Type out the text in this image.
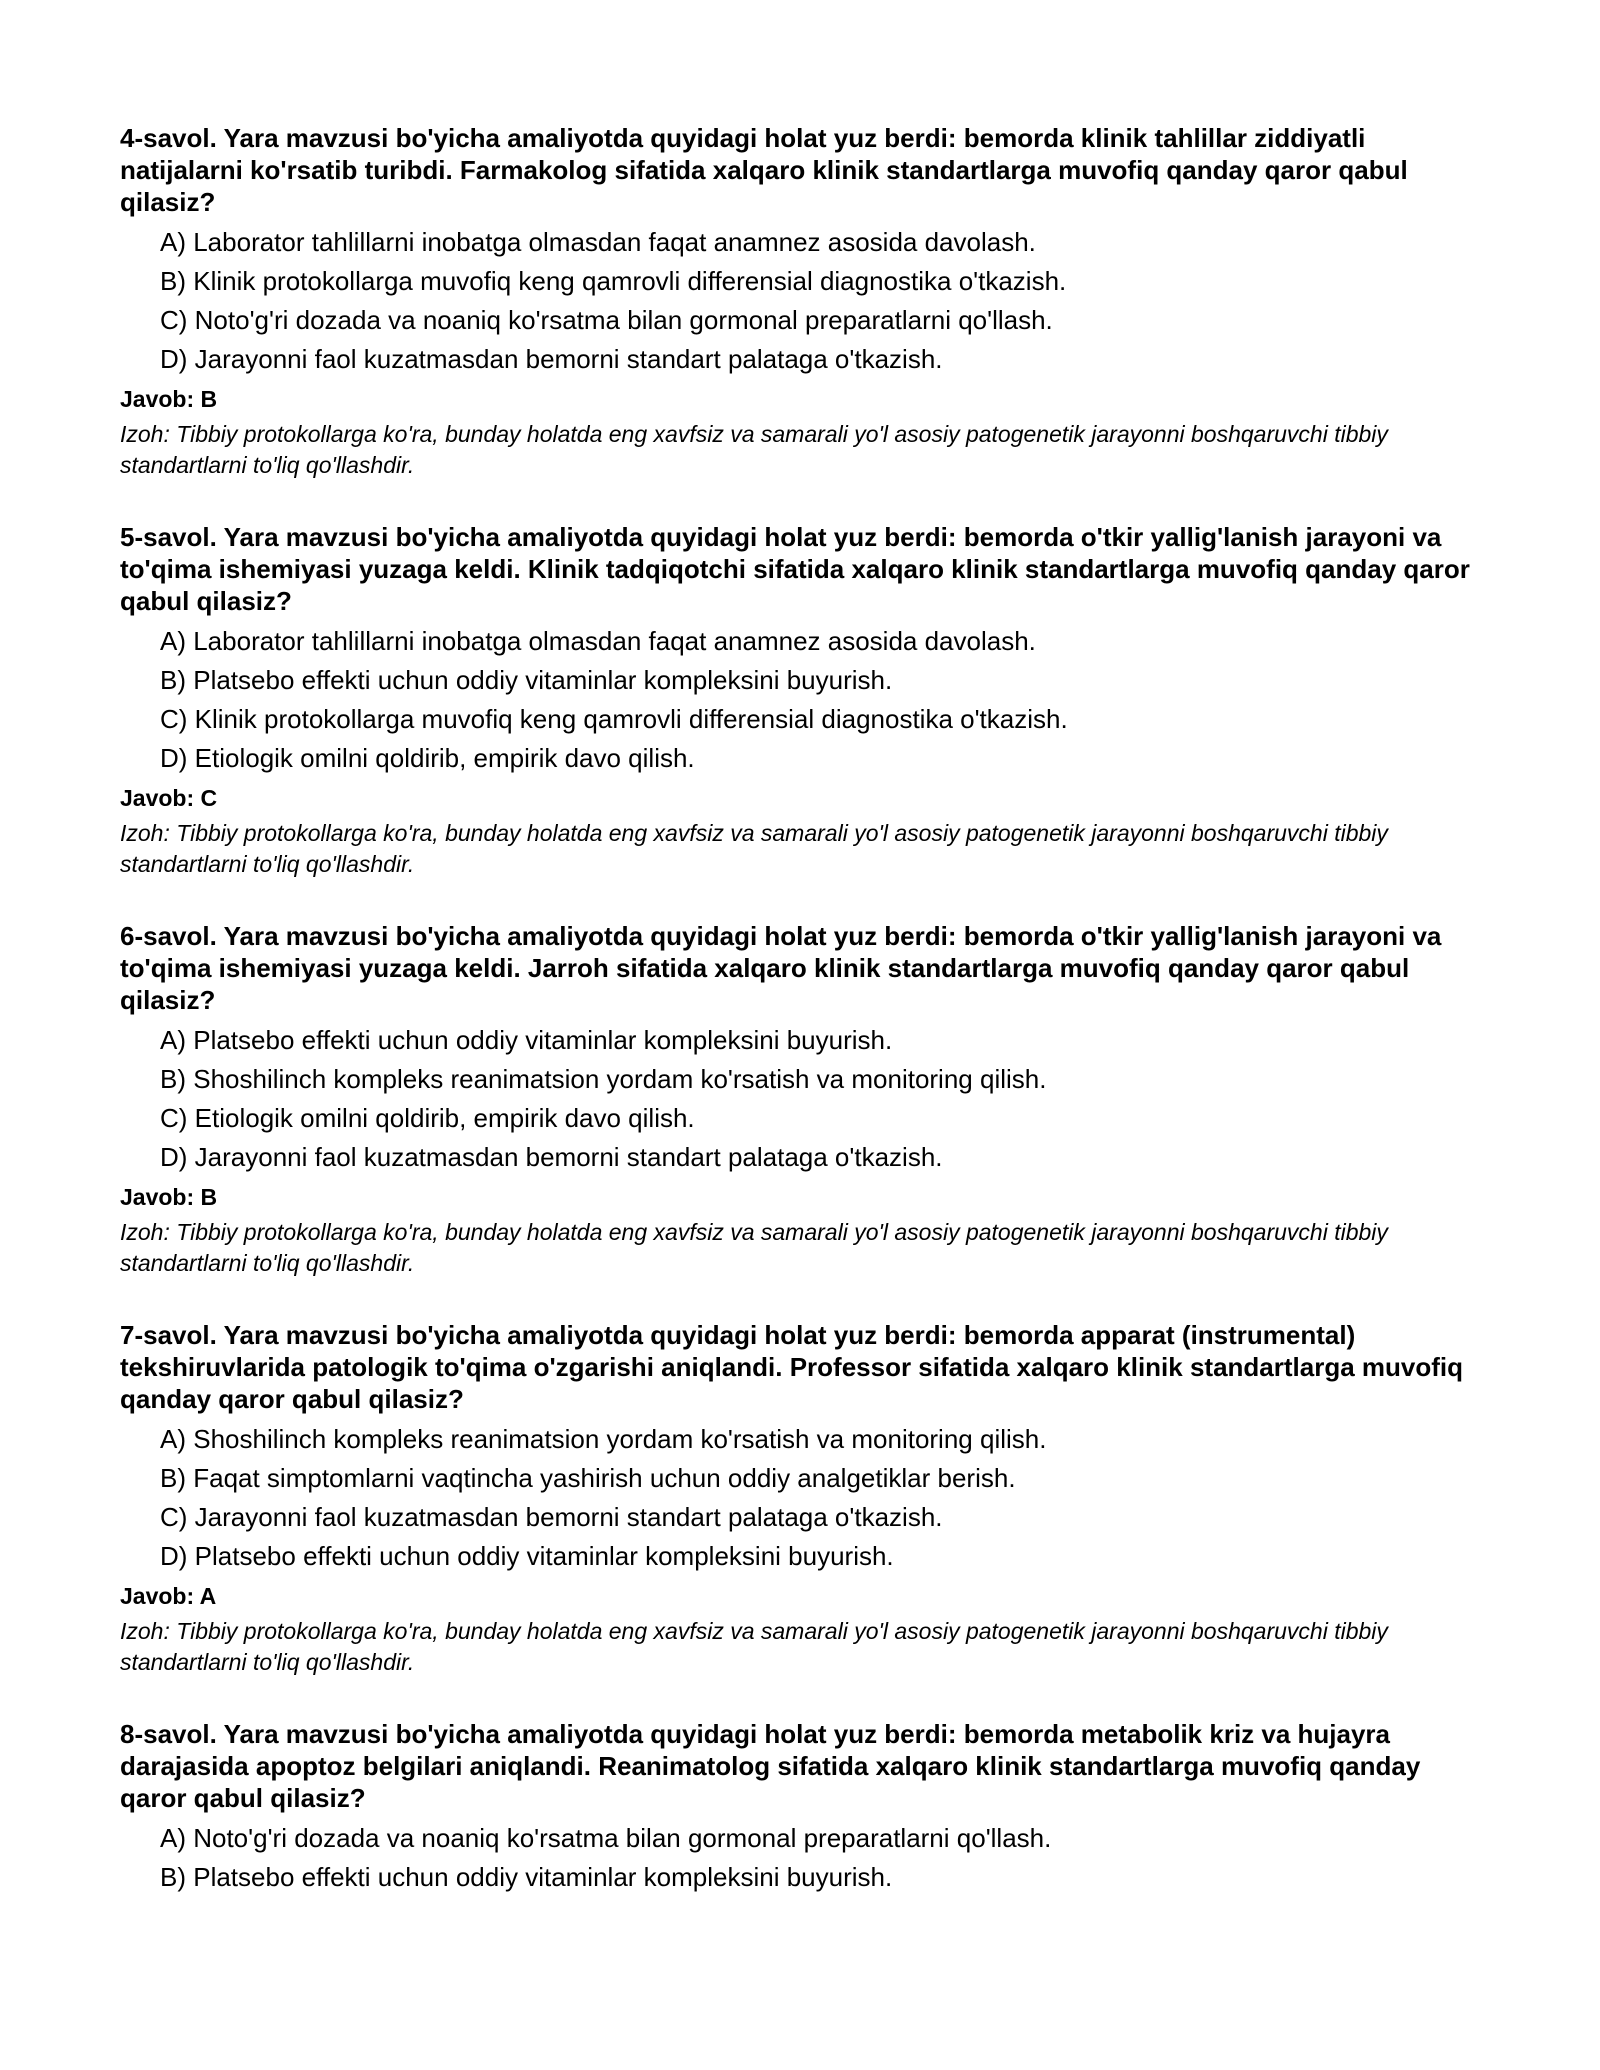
4-savol. Yara mavzusi bo'yicha amaliyotda quyidagi holat yuz berdi: bemorda klinik tahlillar ziddiyatli natijalarni ko'rsatib turibdi. Farmakolog sifatida xalqaro klinik standartlarga muvofiq qanday qaror qabul qilasiz?

A) Laborator tahlillarni inobatga olmasdan faqat anamnez asosida davolash.
B) Klinik protokollarga muvofiq keng qamrovli differensial diagnostika o'tkazish.
C) Noto'g'ri dozada va noaniq ko'rsatma bilan gormonal preparatlarni qo'llash.
D) Jarayonni faol kuzatmasdan bemorni standart palataga o'tkazish.

Javob: B

Izoh: Tibbiy protokollarga ko'ra, bunday holatda eng xavfsiz va samarali yo'l asosiy patogenetik jarayonni boshqaruvchi tibbiy standartlarni to'liq qo'llashdir.

5-savol. Yara mavzusi bo'yicha amaliyotda quyidagi holat yuz berdi: bemorda o'tkir yallig'lanish jarayoni va to'qima ishemiyasi yuzaga keldi. Klinik tadqiqotchi sifatida xalqaro klinik standartlarga muvofiq qanday qaror qabul qilasiz?

A) Laborator tahlillarni inobatga olmasdan faqat anamnez asosida davolash.
B) Platsebo effekti uchun oddiy vitaminlar kompleksini buyurish.
C) Klinik protokollarga muvofiq keng qamrovli differensial diagnostika o'tkazish.
D) Etiologik omilni qoldirib, empirik davo qilish.

Javob: C

Izoh: Tibbiy protokollarga ko'ra, bunday holatda eng xavfsiz va samarali yo'l asosiy patogenetik jarayonni boshqaruvchi tibbiy standartlarni to'liq qo'llashdir.

6-savol. Yara mavzusi bo'yicha amaliyotda quyidagi holat yuz berdi: bemorda o'tkir yallig'lanish jarayoni va to'qima ishemiyasi yuzaga keldi. Jarroh sifatida xalqaro klinik standartlarga muvofiq qanday qaror qabul qilasiz?

A) Platsebo effekti uchun oddiy vitaminlar kompleksini buyurish.
B) Shoshilinch kompleks reanimatsion yordam ko'rsatish va monitoring qilish.
C) Etiologik omilni qoldirib, empirik davo qilish.
D) Jarayonni faol kuzatmasdan bemorni standart palataga o'tkazish.

Javob: B

Izoh: Tibbiy protokollarga ko'ra, bunday holatda eng xavfsiz va samarali yo'l asosiy patogenetik jarayonni boshqaruvchi tibbiy standartlarni to'liq qo'llashdir.

7-savol. Yara mavzusi bo'yicha amaliyotda quyidagi holat yuz berdi: bemorda apparat (instrumental) tekshiruvlarida patologik to'qima o'zgarishi aniqlandi. Professor sifatida xalqaro klinik standartlarga muvofiq qanday qaror qabul qilasiz?

A) Shoshilinch kompleks reanimatsion yordam ko'rsatish va monitoring qilish.
B) Faqat simptomlarni vaqtincha yashirish uchun oddiy analgetiklar berish.
C) Jarayonni faol kuzatmasdan bemorni standart palataga o'tkazish.
D) Platsebo effekti uchun oddiy vitaminlar kompleksini buyurish.

Javob: A

Izoh: Tibbiy protokollarga ko'ra, bunday holatda eng xavfsiz va samarali yo'l asosiy patogenetik jarayonni boshqaruvchi tibbiy standartlarni to'liq qo'llashdir.

8-savol. Yara mavzusi bo'yicha amaliyotda quyidagi holat yuz berdi: bemorda metabolik kriz va hujayra darajasida apoptoz belgilari aniqlandi. Reanimatolog sifatida xalqaro klinik standartlarga muvofiq qanday qaror qabul qilasiz?

A) Noto'g'ri dozada va noaniq ko'rsatma bilan gormonal preparatlarni qo'llash.
B) Platsebo effekti uchun oddiy vitaminlar kompleksini buyurish.
